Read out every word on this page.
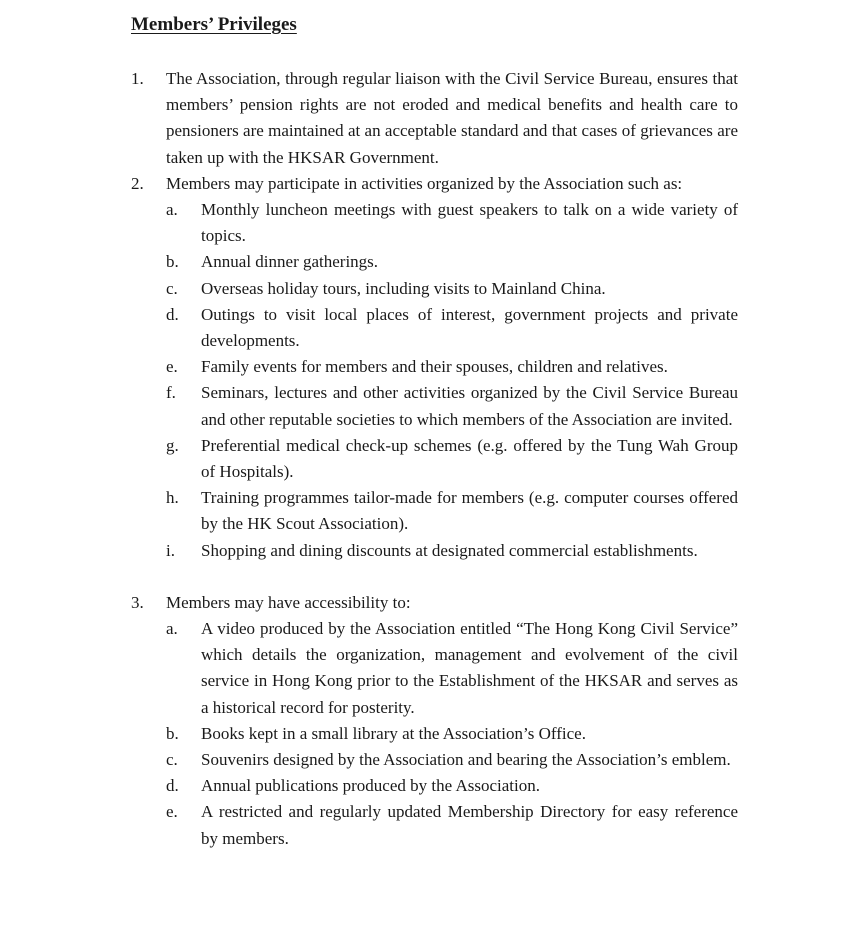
Members’ Privileges
1. The Association, through regular liaison with the Civil Service Bureau, ensures that members’ pension rights are not eroded and medical benefits and health care to pensioners are maintained at an acceptable standard and that cases of grievances are taken up with the HKSAR Government.
2. Members may participate in activities organized by the Association such as:
a. Monthly luncheon meetings with guest speakers to talk on a wide variety of topics.
b. Annual dinner gatherings.
c. Overseas holiday tours, including visits to Mainland China.
d. Outings to visit local places of interest, government projects and private developments.
e. Family events for members and their spouses, children and relatives.
f. Seminars, lectures and other activities organized by the Civil Service Bureau and other reputable societies to which members of the Association are invited.
g. Preferential medical check-up schemes (e.g. offered by the Tung Wah Group of Hospitals).
h. Training programmes tailor-made for members (e.g. computer courses offered by the HK Scout Association).
i. Shopping and dining discounts at designated commercial establishments.
3. Members may have accessibility to:
a. A video produced by the Association entitled “The Hong Kong Civil Service” which details the organization, management and evolvement of the civil service in Hong Kong prior to the Establishment of the HKSAR and serves as a historical record for posterity.
b. Books kept in a small library at the Association’s Office.
c. Souvenirs designed by the Association and bearing the Association’s emblem.
d. Annual publications produced by the Association.
e. A restricted and regularly updated Membership Directory for easy reference by members.
